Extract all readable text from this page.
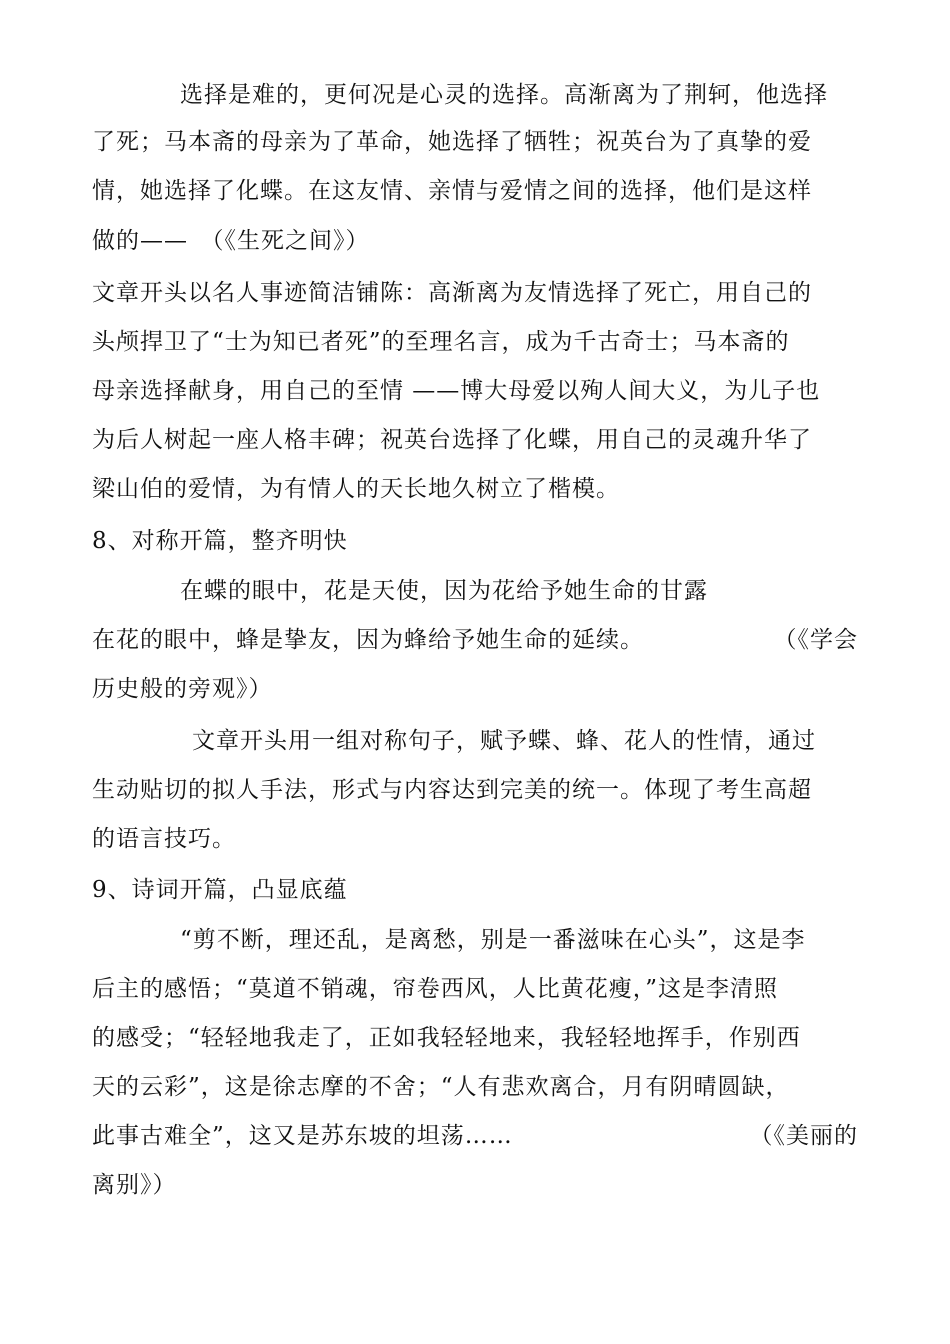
选择是难的，更何况是心灵的选择。高渐离为了荆轲，他选择
了死；马本斋的母亲为了革命，她选择了牺牲；祝英台为了真挚的爱
情，她选择了化蝶。在这友情、亲情与爱情之间的选择，他们是这样
做的——　（《生死之间》）
文章开头以名人事迹简洁铺陈：高渐离为友情选择了死亡，用自己的
头颅捍卫了“士为知已者死”的至理名言，成为千古奇士；马本斋的
母亲选择献身，用自己的至情 ——博大母爱以殉人间大义，为儿子也
为后人树起一座人格丰碑；祝英台选择了化蝶，用自己的灵魂升华了
梁山伯的爱情，为有情人的天长地久树立了楷模。
8、对称开篇，整齐明快
在蝶的眼中，花是天使，因为花给予她生命的甘露
在花的眼中，蜂是挚友，因为蜂给予她生命的延续。	（《学会
历史般的旁观》）
文章开头用一组对称句子，赋予蝶、蜂、花人的性情，通过
生动贴切的拟人手法，形式与内容达到完美的统一。体现了考生高超
的语言技巧。
9、诗词开篇，凸显底蕴
“剪不断，理还乱，是离愁，别是一番滋味在心头”，这是李
后主的感悟；“莫道不销魂，帘卷西风，人比黄花瘦，”这是李清照
的感受；“轻轻地我走了，正如我轻轻地来，我轻轻地挥手，作别西
天的云彩”，这是徐志摩的不舍；“人有悲欢离合，月有阴晴圆缺，
此事古难全”，这又是苏东坡的坦荡……	（《美丽的
离别》）
